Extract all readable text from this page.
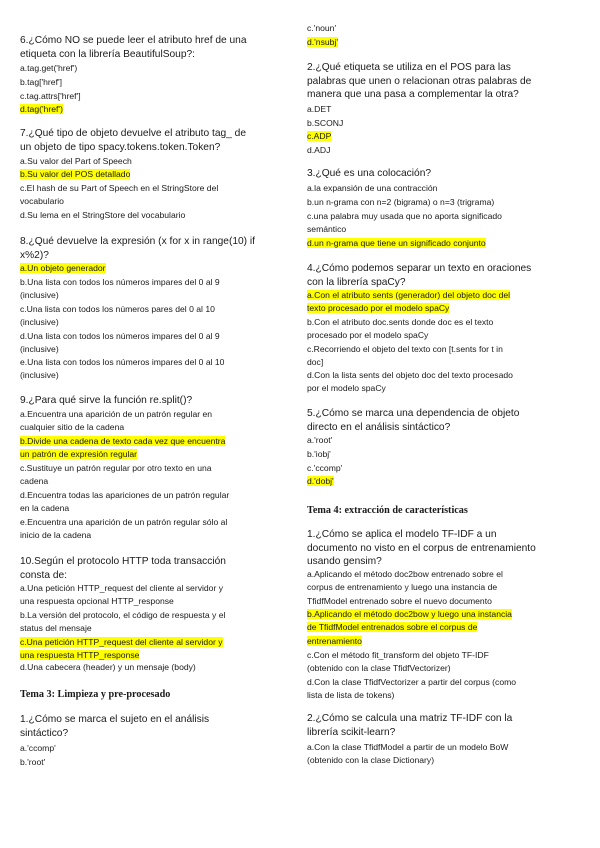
6.¿Cómo NO se puede leer el atributo href de una
etiqueta con la librería BeautifulSoup?:
a.tag.get('href')
b.tag['href']
c.tag.attrs['href']
d.tag('href')
7.¿Qué tipo de objeto devuelve el atributo tag_ de
un objeto de tipo spacy.tokens.token.Token?
a.Su valor del Part of Speech
b.Su valor del POS detallado
c.El hash de su Part of Speech en el StringStore del
vocabulario
d.Su lema en el StringStore del vocabulario
8.¿Qué devuelve la expresión (x for x in range(10) if
x%2)?
a.Un objeto generador
b.Una lista con todos los números impares del 0 al 9
(inclusive)
c.Una lista con todos los números pares del 0 al 10
(inclusive)
d.Una lista con todos los números impares del 0 al 9
(inclusive)
e.Una lista con todos los números impares del 0 al 10
(inclusive)
9.¿Para qué sirve la función re.split()?
a.Encuentra una aparición de un patrón regular en
cualquier sitio de la cadena
b.Divide una cadena de texto cada vez que encuentra
un patrón de expresión regular
c.Sustituye un patrón regular por otro texto en una
cadena
d.Encuentra todas las apariciones de un patrón regular
en la cadena
e.Encuentra una aparición de un patrón regular sólo al
inicio de la cadena
10.Según el protocolo HTTP toda transacción
consta de:
a.Una petición HTTP_request del cliente al servidor y
una respuesta opcional HTTP_response
b.La versión del protocolo, el código de respuesta y el
status del mensaje
c.Una petición HTTP_request del cliente al servidor y
una respuesta HTTP_response
d.Una cabecera (header) y un mensaje (body)
Tema 3: Limpieza y pre-procesado
1.¿Cómo se marca el sujeto en el análisis
sintáctico?
a.'ccomp'
b.'root'
c.'noun'
d.'nsubj'
2.¿Qué etiqueta se utiliza en el POS para las
palabras que unen o relacionan otras palabras de
manera que una pasa a complementar la otra?
a.DET
b.SCONJ
c.ADP
d.ADJ
3.¿Qué es una colocación?
a.la expansión de una contracción
b.un n-grama con n=2 (bigrama) o n=3 (trigrama)
c.una palabra muy usada que no aporta significado
semántico
d.un n-grama que tiene un significado conjunto
4.¿Cómo podemos separar un texto en oraciones
con la librería spaCy?
a.Con el atributo sents (generador) del objeto doc del
texto procesado por el modelo spaCy
b.Con el atributo doc.sents donde doc es el texto
procesado por el modelo spaCy
c.Recorriendo el objeto del texto con [t.sents for t in
doc]
d.Con la lista sents del objeto doc del texto procesado
por el modelo spaCy
5.¿Cómo se marca una dependencia de objeto
directo en el análisis sintáctico?
a.'root'
b.'iobj'
c.'ccomp'
d.'dobj'
Tema 4: extracción de características
1.¿Cómo se aplica el modelo TF-IDF a un
documento no visto en el corpus de entrenamiento
usando gensim?
a.Aplicando el método doc2bow entrenado sobre el
corpus de entrenamiento y luego una instancia de
TfidfModel entrenado sobre el nuevo documento
b.Aplicando el método doc2bow y luego una instancia
de TfidfModel entrenados sobre el corpus de
entrenamiento
c.Con el método fit_transform del objeto TF-IDF
(obtenido con la clase TfidfVectorizer)
d.Con la clase TfidfVectorizer a partir del corpus (como
lista de lista de tokens)
2.¿Cómo se calcula una matriz TF-IDF con la
librería scikit-learn?
a.Con la clase TfidfModel a partir de un modelo BoW
(obtenido con la clase Dictionary)
